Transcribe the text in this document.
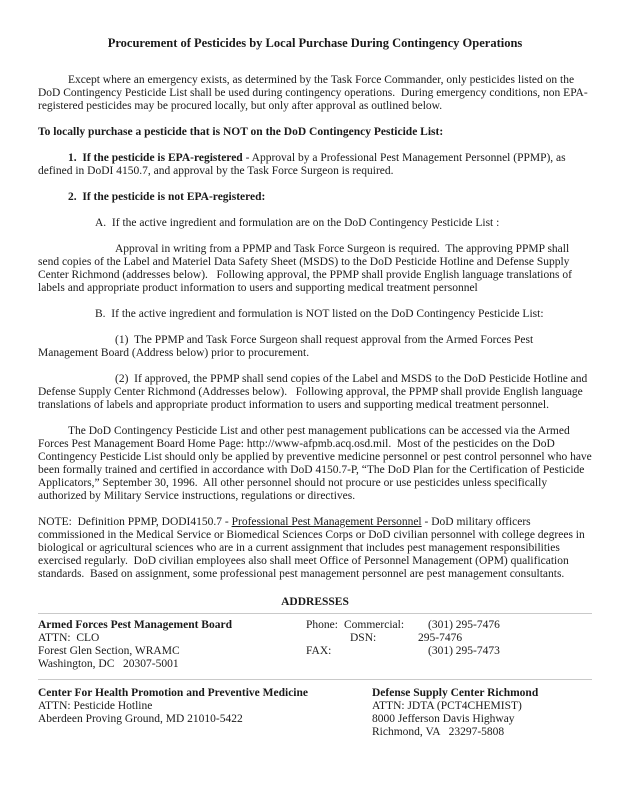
Procurement of Pesticides by Local Purchase During Contingency Operations

Except where an emergency exists, as determined by the Task Force Commander, only pesticides listed on the DoD Contingency Pesticide List shall be used during contingency operations.  During emergency conditions, non EPA-registered pesticides may be procured locally, but only after approval as outlined below.

To locally purchase a pesticide that is NOT on the DoD Contingency Pesticide List:

1.  If the pesticide is EPA-registered - Approval by a Professional Pest Management Personnel (PPMP), as defined in DoDI 4150.7, and approval by the Task Force Surgeon is required.

2.  If the pesticide is not EPA-registered:

A.  If the active ingredient and formulation are on the DoD Contingency Pesticide List :

Approval in writing from a PPMP and Task Force Surgeon is required.  The approving PPMP shall send copies of the Label and Materiel Data Safety Sheet (MSDS) to the DoD Pesticide Hotline and Defense Supply Center Richmond (addresses below).   Following approval, the PPMP shall provide English language translations of labels and appropriate product information to users and supporting medical treatment personnel

B.  If the active ingredient and formulation is NOT listed on the DoD Contingency Pesticide List:

(1)  The PPMP and Task Force Surgeon shall request approval from the Armed Forces Pest Management Board (Address below) prior to procurement.

(2)  If approved, the PPMP shall send copies of the Label and MSDS to the DoD Pesticide Hotline and Defense Supply Center Richmond (Addresses below).   Following approval, the PPMP shall provide English language translations of labels and appropriate product information to users and supporting medical treatment personnel.

The DoD Contingency Pesticide List and other pest management publications can be accessed via the Armed Forces Pest Management Board Home Page: http://www-afpmb.acq.osd.mil.  Most of the pesticides on the DoD Contingency Pesticide List should only be applied by preventive medicine personnel or pest control personnel who have been formally trained and certified in accordance with DoD 4150.7-P, “The DoD Plan for the Certification of Pesticide Applicators,” September 30, 1996.  All other personnel should not procure or use pesticides unless specifically authorized by Military Service instructions, regulations or directives.

NOTE:  Definition PPMP, DODI4150.7 - Professional Pest Management Personnel - DoD military officers commissioned in the Medical Service or Biomedical Sciences Corps or DoD civilian personnel with college degrees in biological or agricultural sciences who are in a current assignment that includes pest management responsibilities exercised regularly.  DoD civilian employees also shall meet Office of Personnel Management (OPM) qualification standards.  Based on assignment, some professional pest management personnel are pest management consultants.

ADDRESSES
Armed Forces Pest Management Board
ATTN:  CLO
Forest Glen Section, WRAMC
Washington, DC   20307-5001
Phone: Commercial:	(301) 295-7476
DSN:	295-7476
FAX:	(301) 295-7473
Center For Health Promotion and Preventive Medicine
ATTN: Pesticide Hotline
Aberdeen Proving Ground, MD 21010-5422
Defense Supply Center Richmond
ATTN: JDTA (PCT4CHEMIST)
8000 Jefferson Davis Highway
Richmond, VA   23297-5808
